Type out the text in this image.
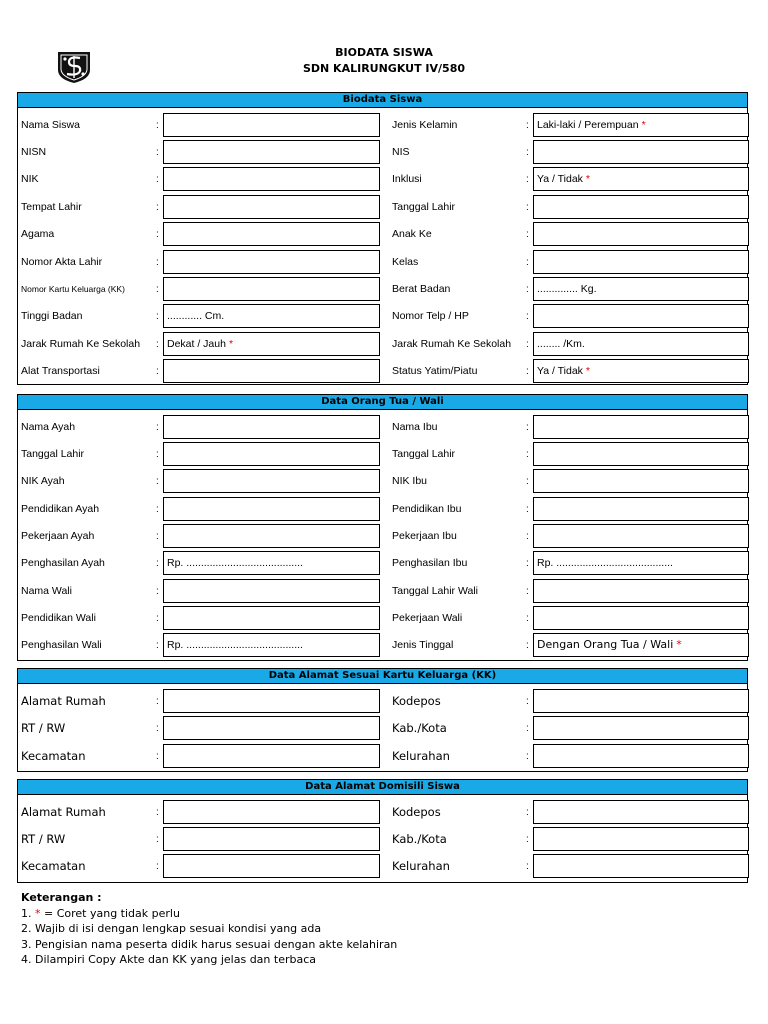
BIODATA SISWA
SDN KALIRUNGKUT IV/580
Biodata Siswa
Nama Siswa	:	Jenis Kelamin	: Laki-laki / Perempuan *
NISN	:	NIS	:
NIK	:	Inklusi	: Ya / Tidak *
Tempat Lahir	:	Tanggal Lahir	:
Agama	:	Anak Ke	:
Nomor Akta Lahir	:	Kelas	:
Nomor Kartu Keluarga (KK)	:	Berat Badan	: .............. Kg.
Tinggi Badan	: ............ Cm.	Nomor Telp / HP	:
Jarak Rumah Ke Sekolah : Dekat / Jauh *	Jarak Rumah Ke Sekolah : ........ /Km.
Alat Transportasi	:	Status Yatim/Piatu	: Ya / Tidak *
Data Orang Tua / Wali
Nama Ayah	:	Nama Ibu	:
Tanggal Lahir	:	Tanggal Lahir	:
NIK Ayah	:	NIK Ibu	:
Pendidikan Ayah	:	Pendidikan Ibu	:
Pekerjaan Ayah	:	Pekerjaan Ibu	:
Penghasilan Ayah	: Rp. ........................................	Penghasilan Ibu	: Rp. ........................................
Nama Wali	:	Tanggal Lahir Wali	:
Pendidikan Wali	:	Pekerjaan Wali	:
Penghasilan Wali	: Rp. ........................................	Jenis Tinggal	: Dengan Orang Tua / Wali *
Data Alamat Sesuai Kartu Keluarga (KK)
Alamat Rumah	:	Kodepos	:
RT / RW	:	Kab./Kota	:
Kecamatan	:	Kelurahan	:
Data Alamat Domisili Siswa
Alamat Rumah	:	Kodepos	:
RT / RW	:	Kab./Kota	:
Kecamatan	:	Kelurahan	:
Keterangan :
1. * = Coret yang tidak perlu
2. Wajib di isi dengan lengkap sesuai kondisi yang ada
3. Pengisian nama peserta didik harus sesuai dengan akte kelahiran
4. Dilampiri Copy Akte dan KK yang jelas dan terbaca
